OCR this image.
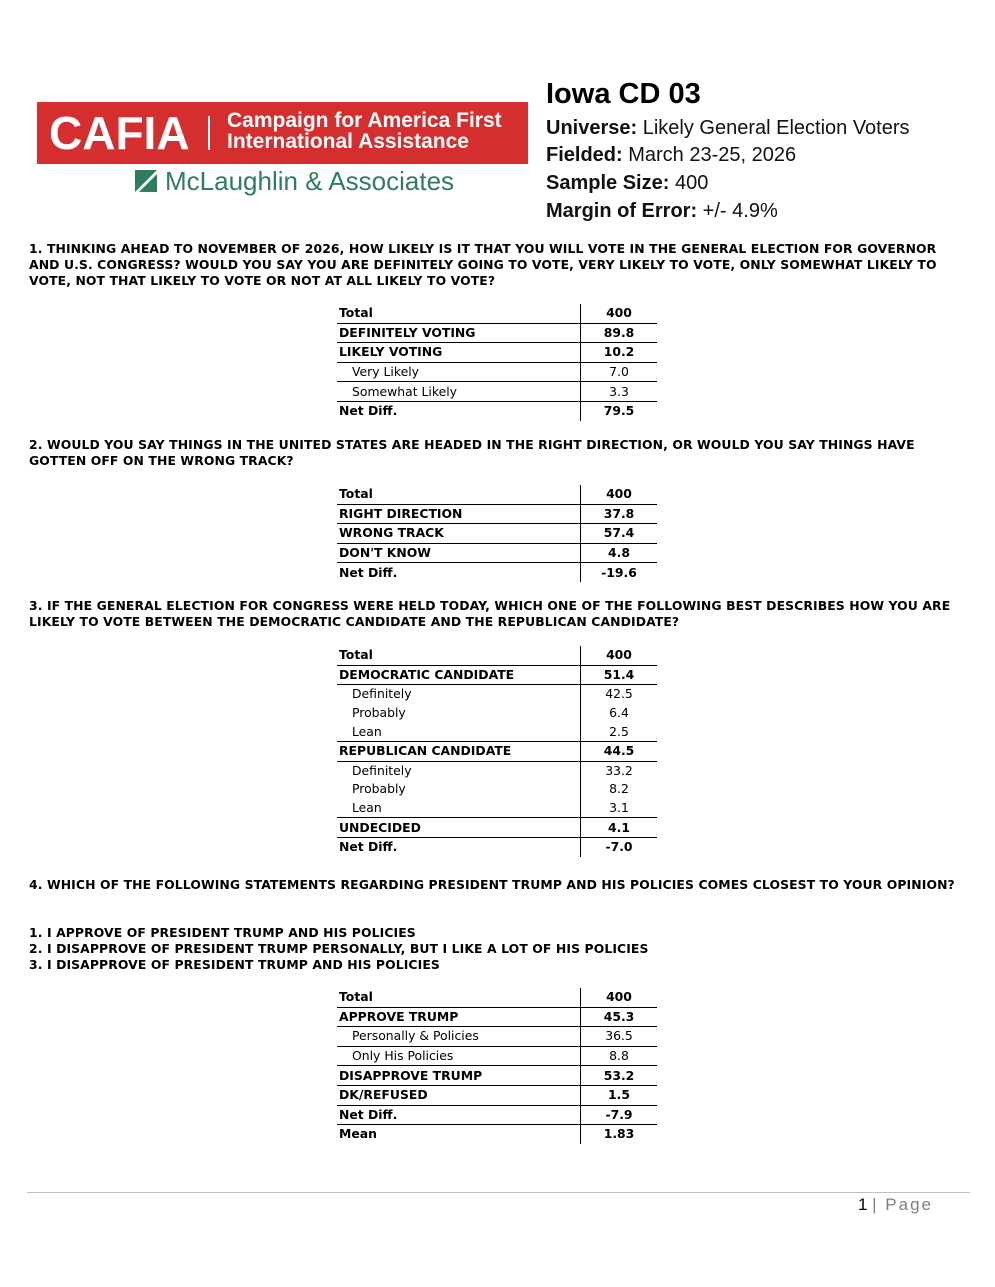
CAFIA Campaign for America First
International Assistance
McLaughlin & Associates
Iowa CD 03
Universe: Likely General Election Voters
Fielded: March 23-25, 2026
Sample Size: 400
Margin of Error: +/- 4.9%
1. THINKING AHEAD TO NOVEMBER OF 2026, HOW LIKELY IS IT THAT YOU WILL VOTE IN THE GENERAL ELECTION FOR GOVERNOR AND U.S. CONGRESS? WOULD YOU SAY YOU ARE DEFINITELY GOING TO VOTE, VERY LIKELY TO VOTE, ONLY SOMEWHAT LIKELY TO VOTE, NOT THAT LIKELY TO VOTE OR NOT AT ALL LIKELY TO VOTE?
Total	400
DEFINITELY VOTING	89.8
LIKELY VOTING	10.2
Very Likely	7.0
Somewhat Likely	3.3
Net Diff.	79.5
2. WOULD YOU SAY THINGS IN THE UNITED STATES ARE HEADED IN THE RIGHT DIRECTION, OR WOULD YOU SAY THINGS HAVE GOTTEN OFF ON THE WRONG TRACK?
Total	400
RIGHT DIRECTION	37.8
WRONG TRACK	57.4
DON'T KNOW	4.8
Net Diff.	-19.6
3. IF THE GENERAL ELECTION FOR CONGRESS WERE HELD TODAY, WHICH ONE OF THE FOLLOWING BEST DESCRIBES HOW YOU ARE LIKELY TO VOTE BETWEEN THE DEMOCRATIC CANDIDATE AND THE REPUBLICAN CANDIDATE?
Total	400
DEMOCRATIC CANDIDATE	51.4
Definitely	42.5
Probably	6.4
Lean	2.5
REPUBLICAN CANDIDATE	44.5
Definitely	33.2
Probably	8.2
Lean	3.1
UNDECIDED	4.1
Net Diff.	-7.0
4. WHICH OF THE FOLLOWING STATEMENTS REGARDING PRESIDENT TRUMP AND HIS POLICIES COMES CLOSEST TO YOUR OPINION?
1. I APPROVE OF PRESIDENT TRUMP AND HIS POLICIES
2. I DISAPPROVE OF PRESIDENT TRUMP PERSONALLY, BUT I LIKE A LOT OF HIS POLICIES
3. I DISAPPROVE OF PRESIDENT TRUMP AND HIS POLICIES
Total	400
APPROVE TRUMP	45.3
Personally & Policies	36.5
Only His Policies	8.8
DISAPPROVE TRUMP	53.2
DK/REFUSED	1.5
Net Diff.	-7.9
Mean	1.83
1 | Page
